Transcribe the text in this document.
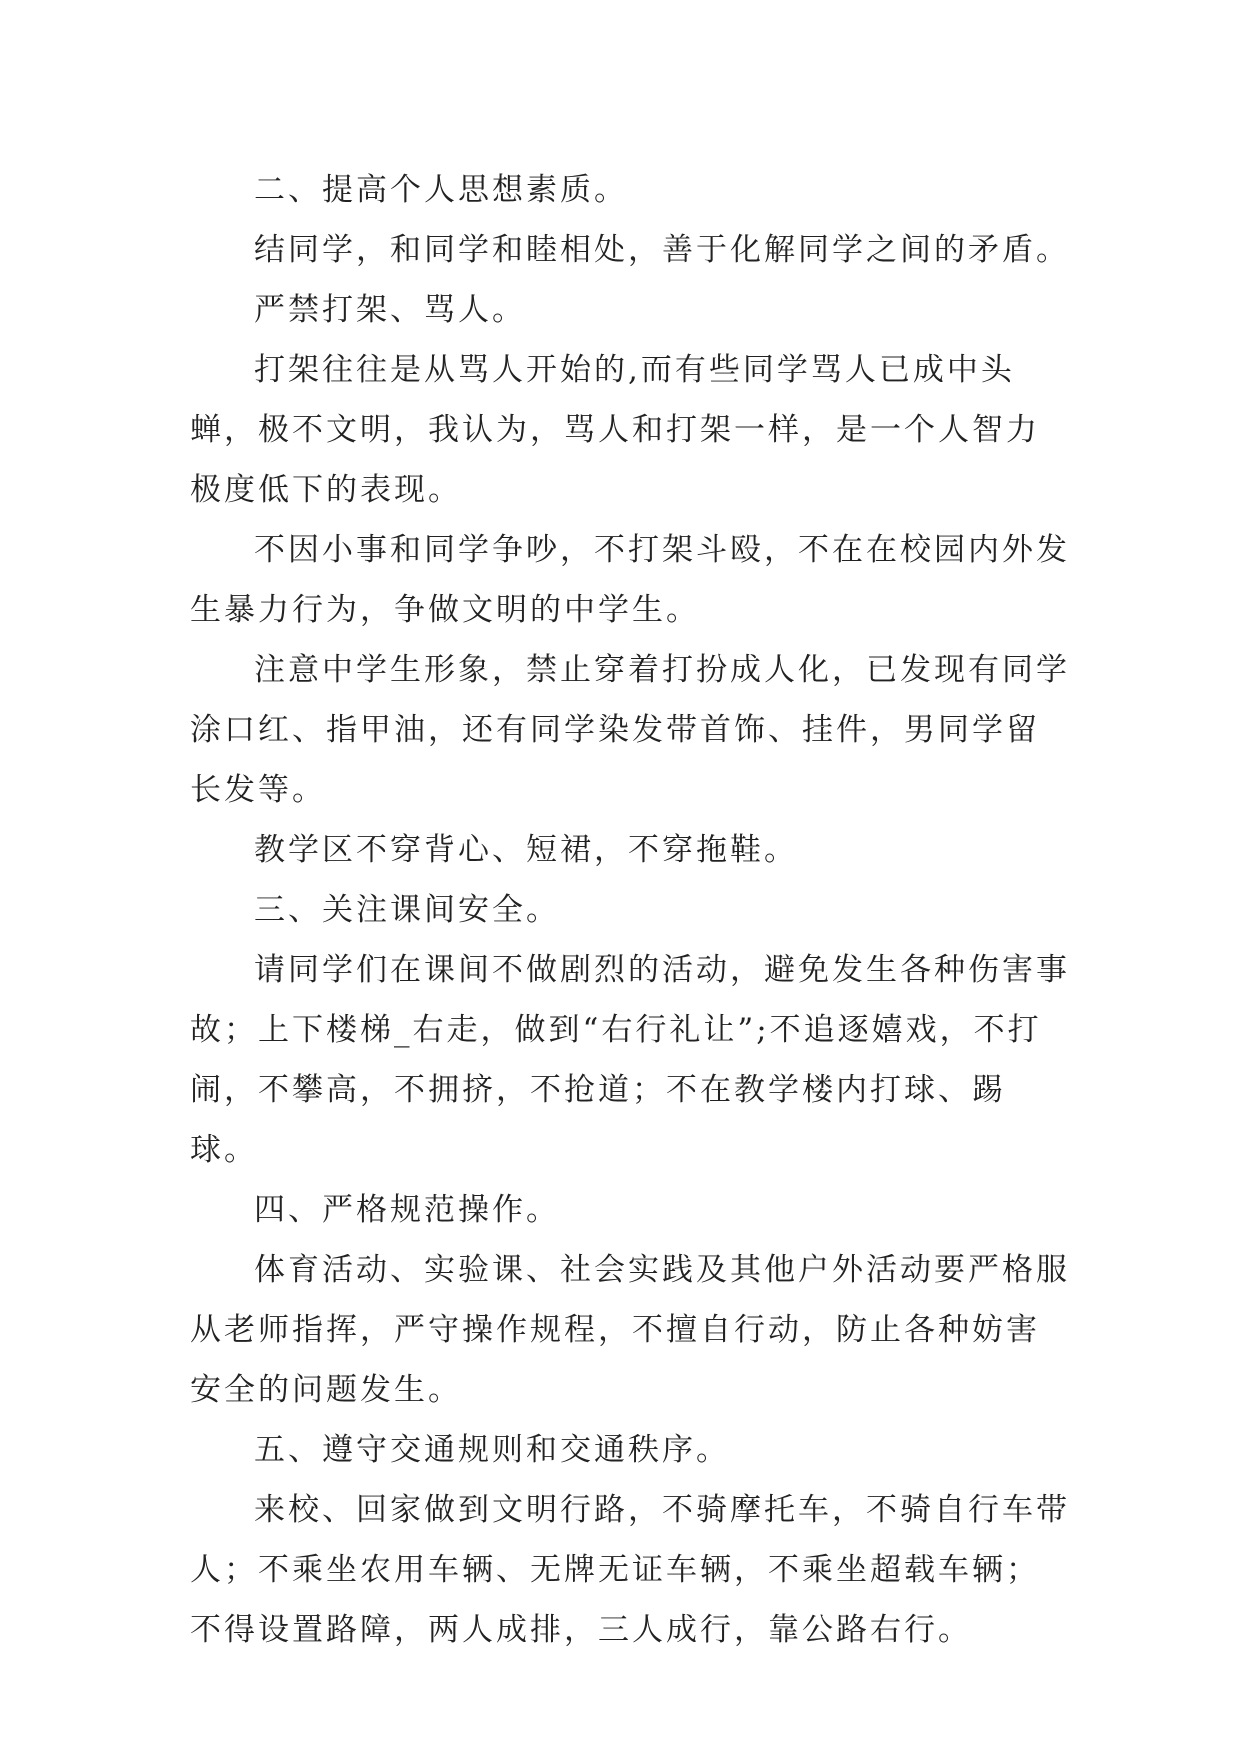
二、提高个人思想素质。

结同学，和同学和睦相处，善于化解同学之间的矛盾。

严禁打架、骂人。

打架往往是从骂人开始的,而有些同学骂人已成中头蝉，极不文明，我认为，骂人和打架一样，是一个人智力极度低下的表现。

不因小事和同学争吵，不打架斗殴，不在在校园内外发生暴力行为，争做文明的中学生。

注意中学生形象，禁止穿着打扮成人化，已发现有同学涂口红、指甲油，还有同学染发带首饰、挂件，男同学留长发等。

教学区不穿背心、短裙，不穿拖鞋。

三、关注课间安全。

请同学们在课间不做剧烈的活动，避免发生各种伤害事故；上下楼梯_右走，做到“右行礼让”;不追逐嬉戏，不打闹，不攀高，不拥挤，不抢道；不在教学楼内打球、踢球。

四、严格规范操作。

体育活动、实验课、社会实践及其他户外活动要严格服从老师指挥，严守操作规程，不擅自行动，防止各种妨害安全的问题发生。

五、遵守交通规则和交通秩序。

来校、回家做到文明行路，不骑摩托车，不骑自行车带人；不乘坐农用车辆、无牌无证车辆，不乘坐超载车辆；不得设置路障，两人成排，三人成行，靠公路右行。
